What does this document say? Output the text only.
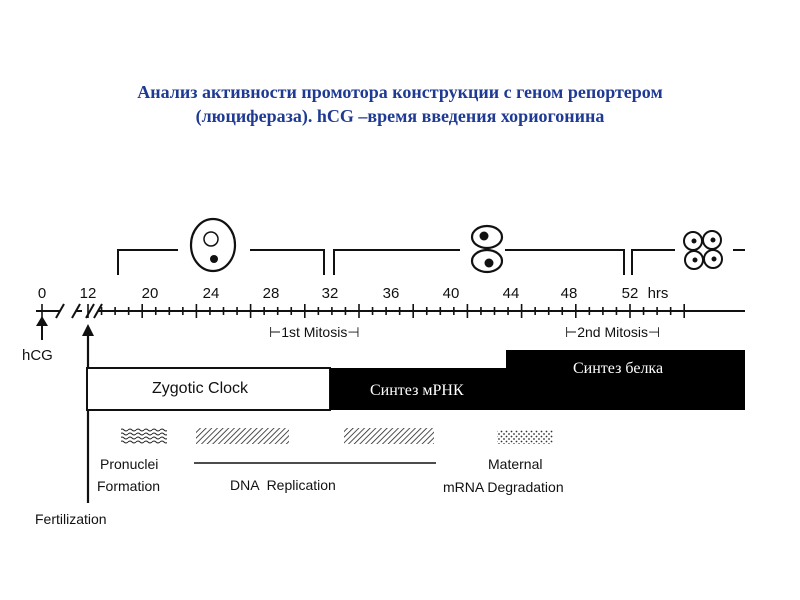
Анализ активности промотора конструкции с геном репортером
(люцифераза). hCG –время введения хориогонина
0 12	20	24	28	32	36	40	44	48	52 hrs
⊢1st Mitosis⊣	⊢2nd Mitosis⊣
hCG
Fertilization
Zygotic Clock	Синтез мРНК
Синтез белка
Pronuclei
Formation	DNA  Replication
Maternal
mRNA Degradation
